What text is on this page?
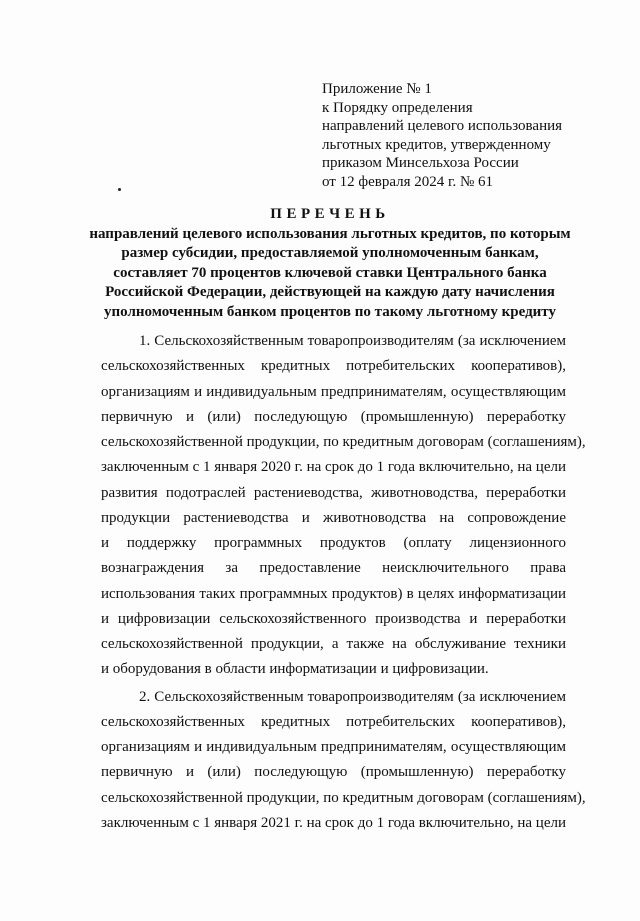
Приложение № 1
к Порядку определения
направлений целевого использования
льготных кредитов, утвержденному
приказом Минсельхоза России
от 12 февраля 2024 г. № 61
ПЕРЕЧЕНЬ
направлений целевого использования льготных кредитов, по которым
размер субсидии, предоставляемой уполномоченным банкам,
составляет 70 процентов ключевой ставки Центрального банка
Российской Федерации, действующей на каждую дату начисления
уполномоченным банком процентов по такому льготному кредиту
1. Сельскохозяйственным товаропроизводителям (за исключением
сельскохозяйственных кредитных потребительских кооперативов),
организациям и индивидуальным предпринимателям, осуществляющим
первичную и (или) последующую (промышленную) переработку
сельскохозяйственной продукции, по кредитным договорам (соглашениям),
заключенным с 1 января 2020 г. на срок до 1 года включительно, на цели
развития подотраслей растениеводства, животноводства, переработки
продукции растениеводства и животноводства на сопровождение
и поддержку программных продуктов (оплату лицензионного
вознаграждения за предоставление неисключительного права
использования таких программных продуктов) в целях информатизации
и цифровизации сельскохозяйственного производства и переработки
сельскохозяйственной продукции, а также на обслуживание техники
и оборудования в области информатизации и цифровизации.
2. Сельскохозяйственным товаропроизводителям (за исключением
сельскохозяйственных кредитных потребительских кооперативов),
организациям и индивидуальным предпринимателям, осуществляющим
первичную и (или) последующую (промышленную) переработку
сельскохозяйственной продукции, по кредитным договорам (соглашениям),
заключенным с 1 января 2021 г. на срок до 1 года включительно, на цели
